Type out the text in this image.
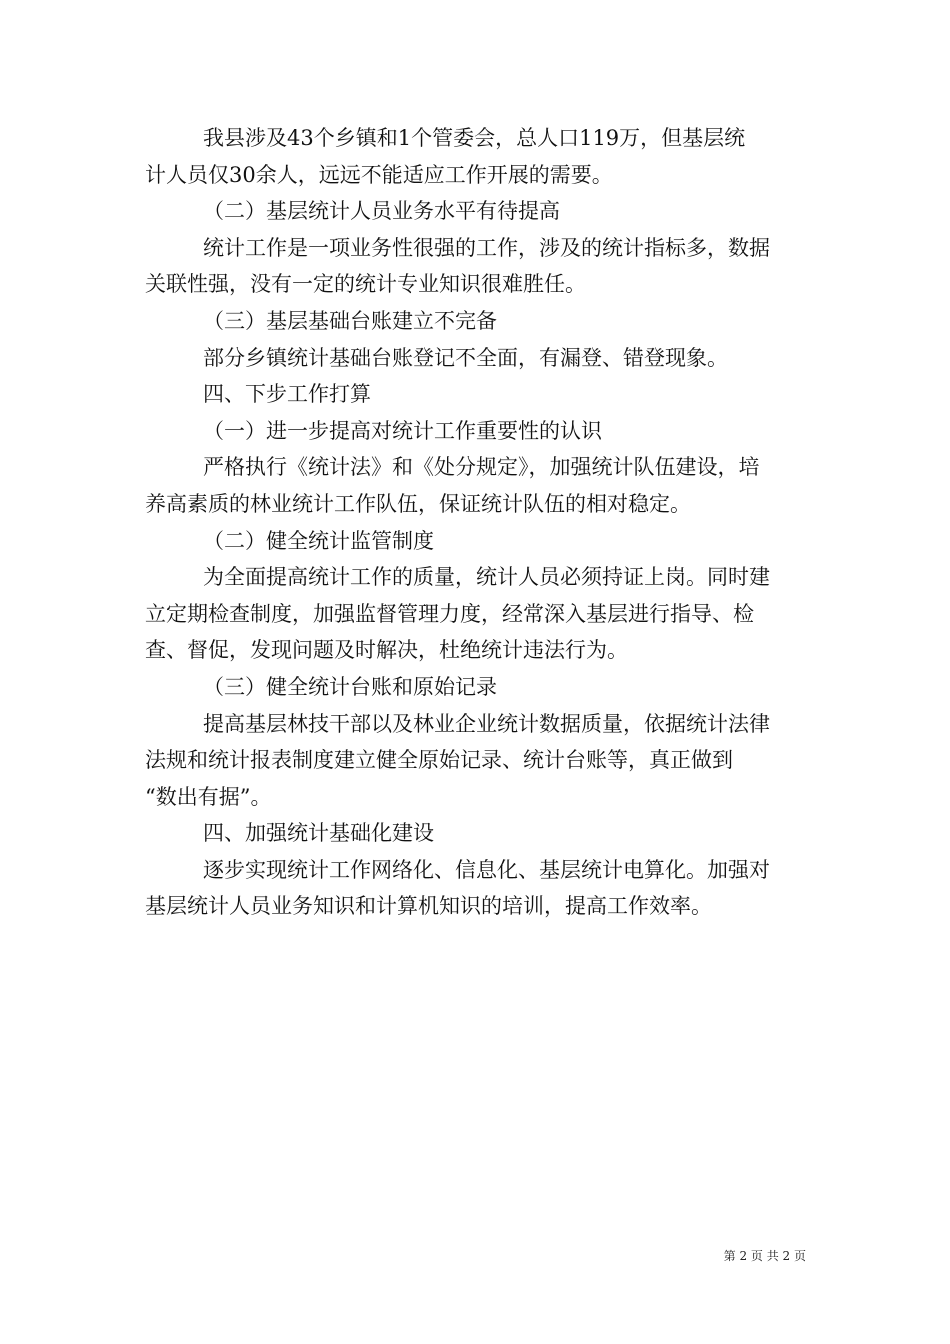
我县涉及43个乡镇和1个管委会，总人口119万，但基层统
计人员仅30余人，远远不能适应工作开展的需要。
（二）基层统计人员业务水平有待提高
统计工作是一项业务性很强的工作，涉及的统计指标多，数据
关联性强，没有一定的统计专业知识很难胜任。
（三）基层基础台账建立不完备
部分乡镇统计基础台账登记不全面，有漏登、错登现象。
四、下步工作打算
（一）进一步提高对统计工作重要性的认识
严格执行《统计法》和《处分规定》，加强统计队伍建设，培
养高素质的林业统计工作队伍，保证统计队伍的相对稳定。
（二）健全统计监管制度
为全面提高统计工作的质量，统计人员必须持证上岗。同时建
立定期检查制度，加强监督管理力度，经常深入基层进行指导、检
查、督促，发现问题及时解决，杜绝统计违法行为。
（三）健全统计台账和原始记录
提高基层林技干部以及林业企业统计数据质量，依据统计法律
法规和统计报表制度建立健全原始记录、统计台账等，真正做到
“数出有据”。
四、加强统计基础化建设
逐步实现统计工作网络化、信息化、基层统计电算化。加强对
基层统计人员业务知识和计算机知识的培训，提高工作效率。
第 2 页 共 2 页
